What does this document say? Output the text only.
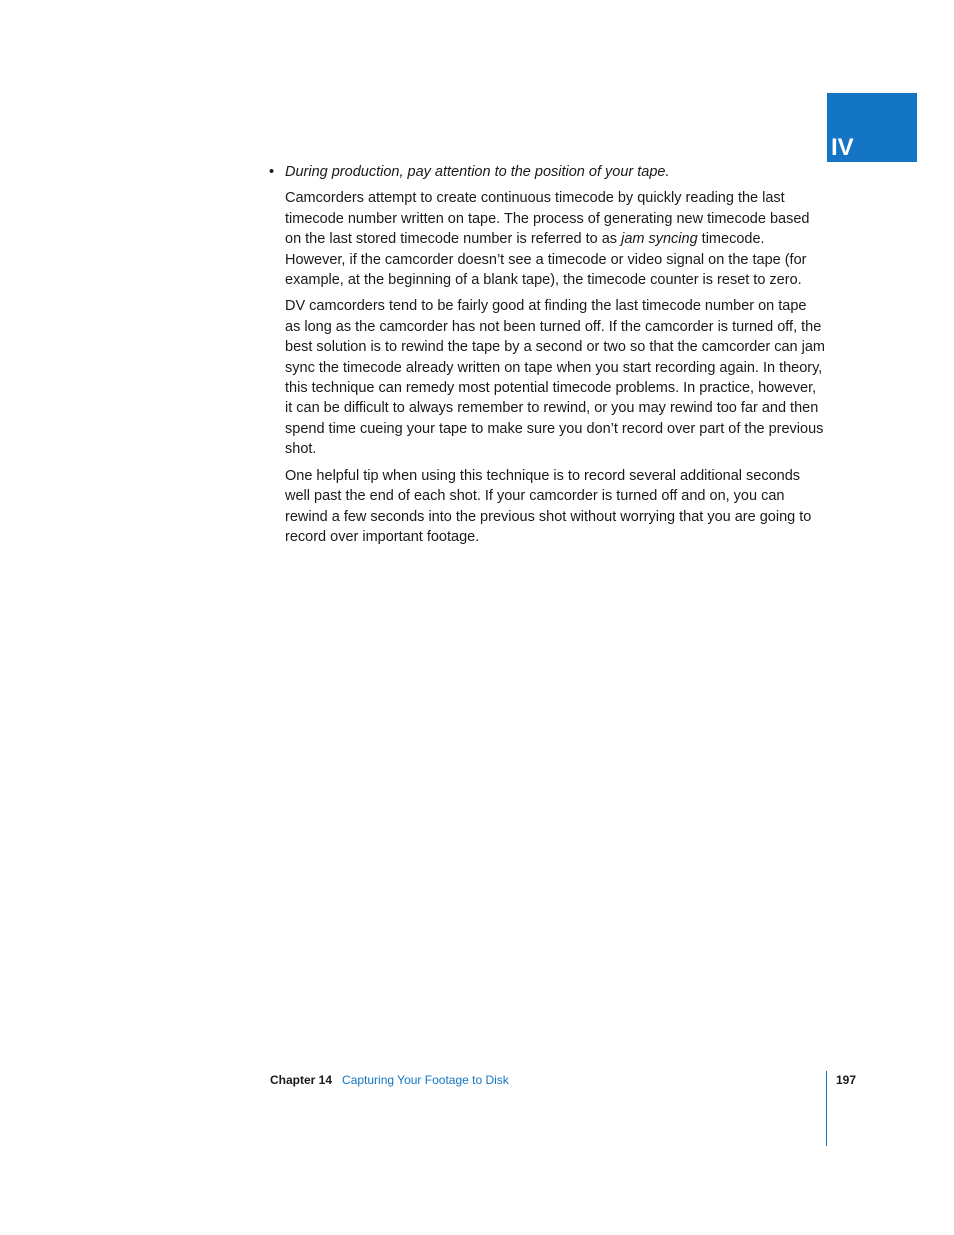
IV

• During production, pay attention to the position of your tape.

Camcorders attempt to create continuous timecode by quickly reading the last timecode number written on tape. The process of generating new timecode based on the last stored timecode number is referred to as jam syncing timecode. However, if the camcorder doesn’t see a timecode or video signal on the tape (for example, at the beginning of a blank tape), the timecode counter is reset to zero.

DV camcorders tend to be fairly good at finding the last timecode number on tape as long as the camcorder has not been turned off. If the camcorder is turned off, the best solution is to rewind the tape by a second or two so that the camcorder can jam sync the timecode already written on tape when you start recording again. In theory, this technique can remedy most potential timecode problems. In practice, however, it can be difficult to always remember to rewind, or you may rewind too far and then spend time cueing your tape to make sure you don’t record over part of the previous shot.

One helpful tip when using this technique is to record several additional seconds well past the end of each shot. If your camcorder is turned off and on, you can rewind a few seconds into the previous shot without worrying that you are going to record over important footage.

Chapter 14 Capturing Your Footage to Disk	197
